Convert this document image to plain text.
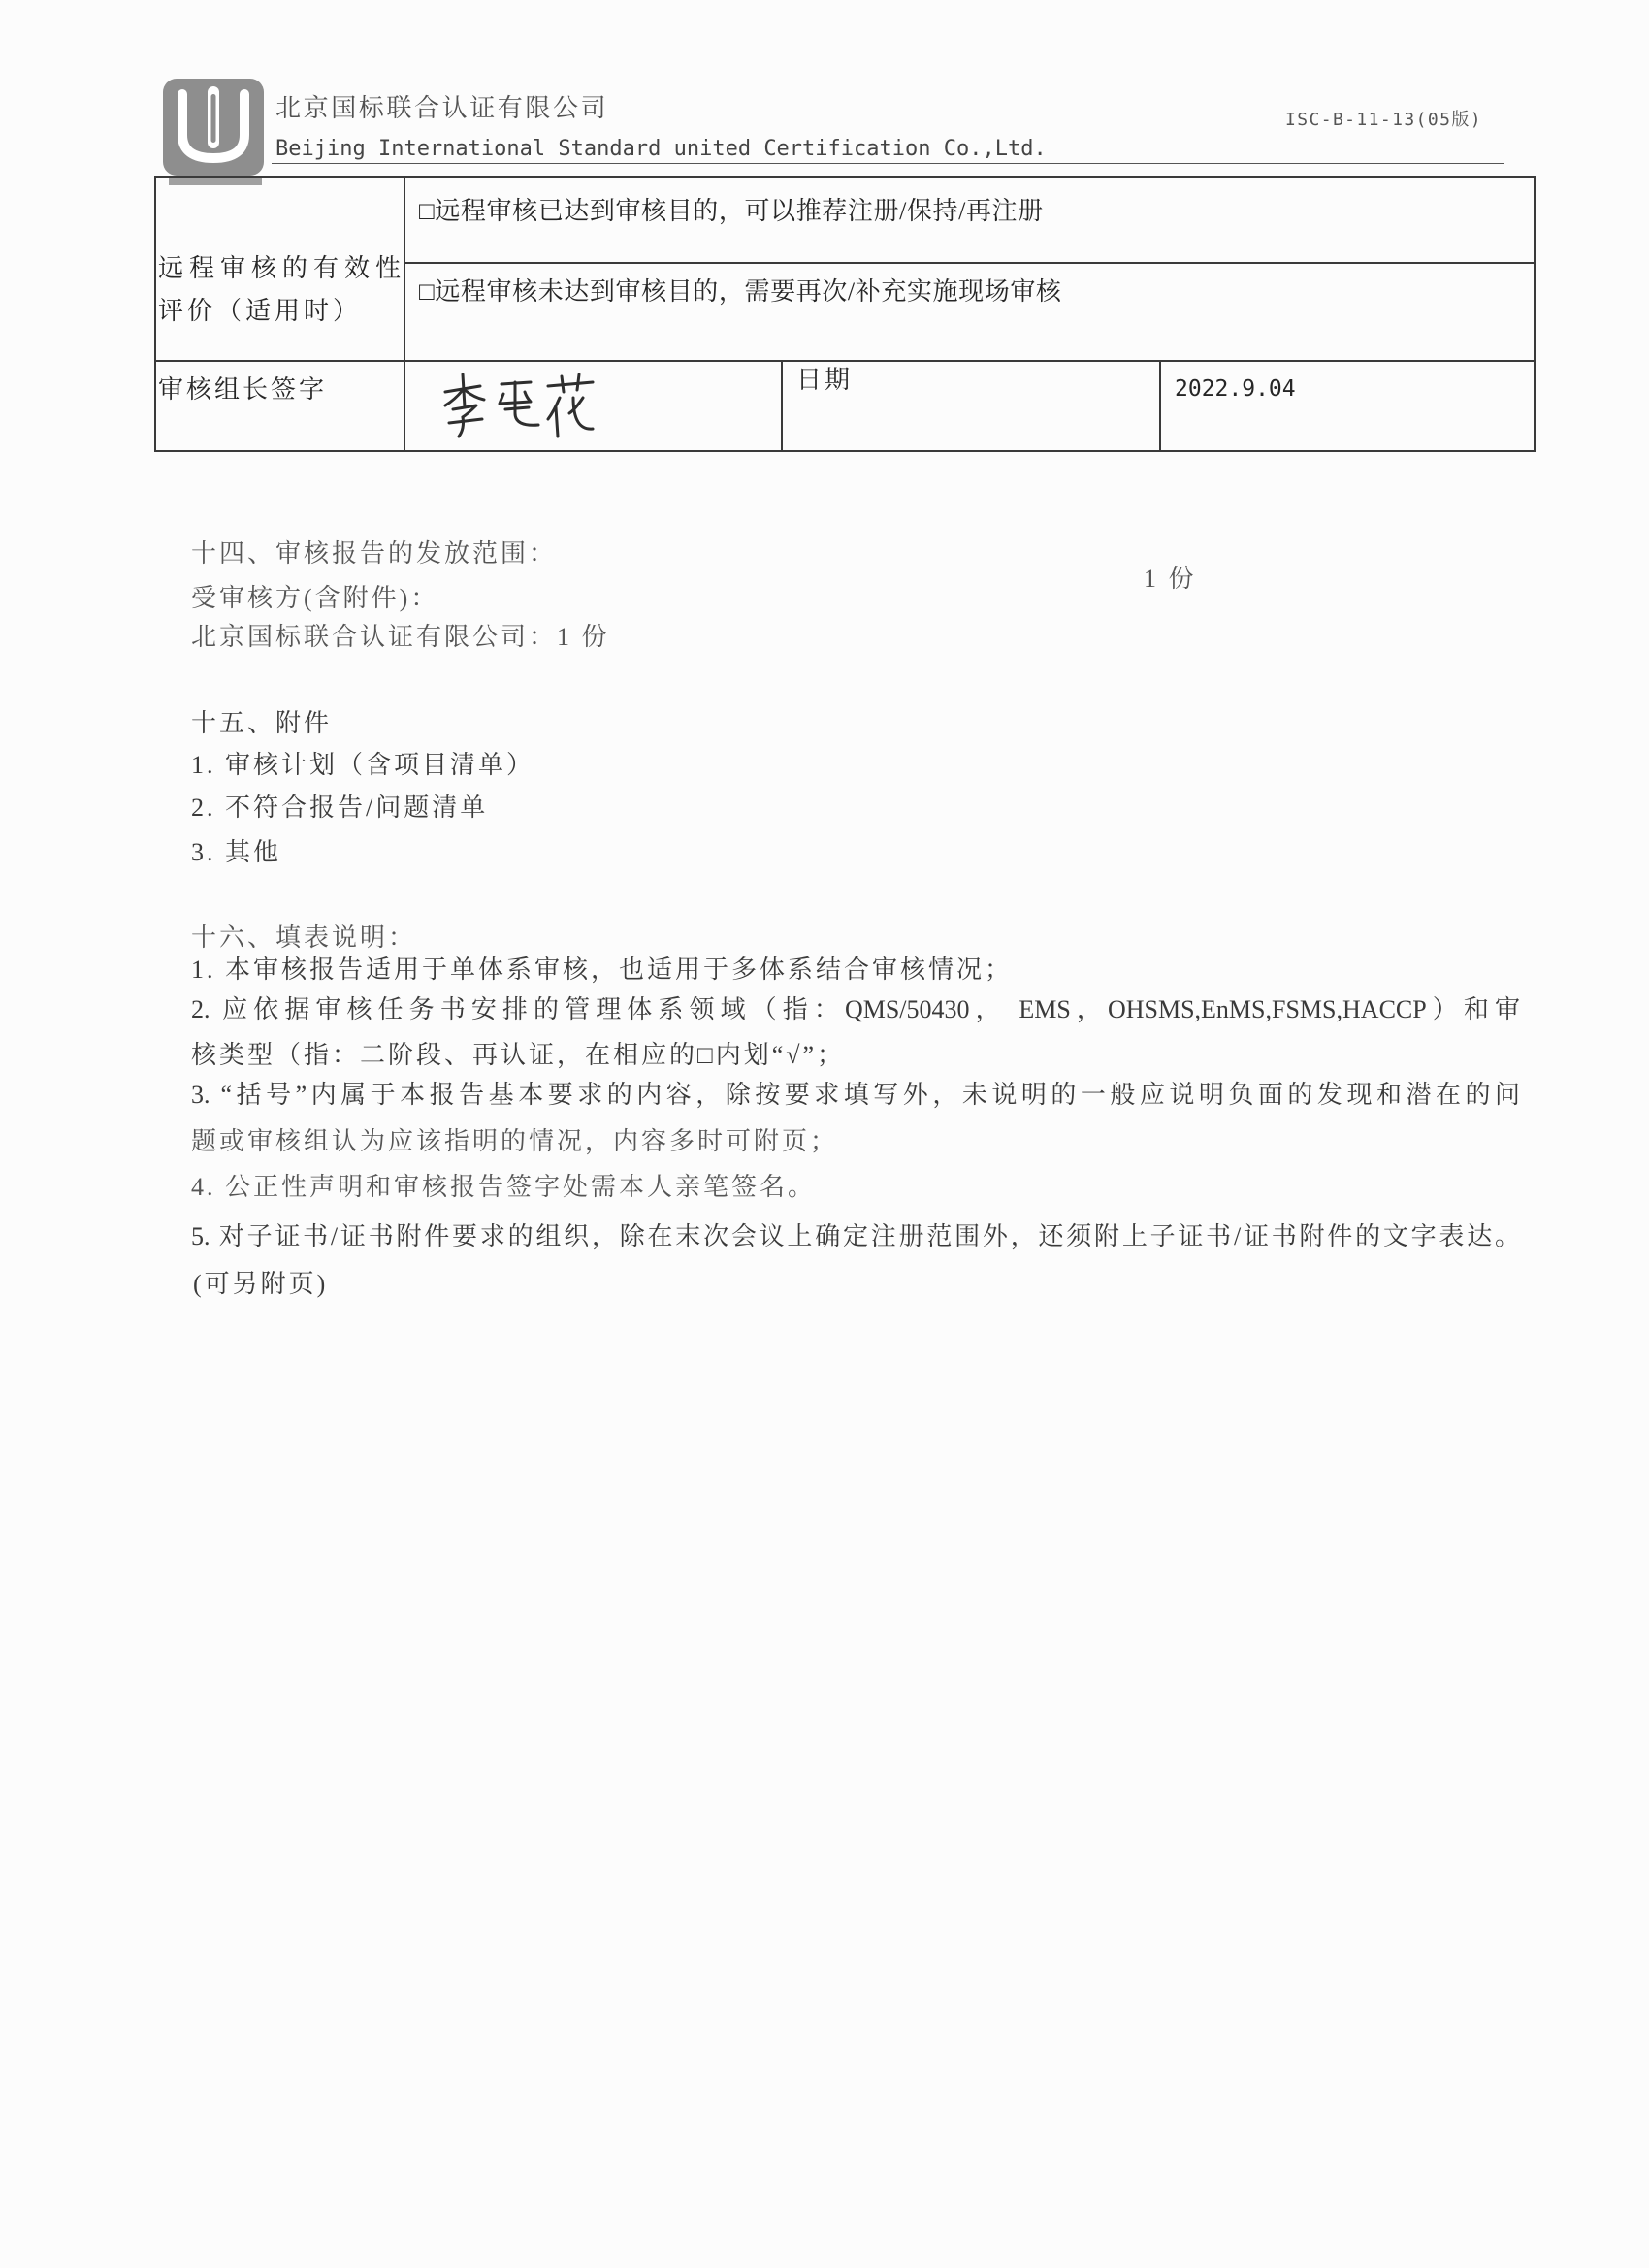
北京国标联合认证有限公司
Beijing International Standard united Certification Co.,Ltd.
ISC-B-11-13(05版)
远程审核的有效性
评价（适用时）
□远程审核已达到审核目的，可以推荐注册/保持/再注册
□远程审核未达到审核目的，需要再次/补充实施现场审核
审核组长签字	日期	2022.9.04
十四、审核报告的发放范围：
受审核方(含附件)：
1 份
北京国标联合认证有限公司：1 份
十五、附件
1. 审核计划（含项目清单）
2. 不符合报告/问题清单
3. 其他
十六、填表说明：
1. 本审核报告适用于单体系审核，也适用于多体系结合审核情况；
2. 应依据审核任务书安排的管理体系领域（指：QMS/50430， EMS，OHSMS,EnMS,FSMS,HACCP）和审
核类型（指：二阶段、再认证，在相应的□内划“√”；
3. “括号”内属于本报告基本要求的内容，除按要求填写外，未说明的一般应说明负面的发现和潜在的问
题或审核组认为应该指明的情况，内容多时可附页；
4. 公正性声明和审核报告签字处需本人亲笔签名。
5. 对子证书/证书附件要求的组织，除在末次会议上确定注册范围外，还须附上子证书/证书附件的文字表达。
(可另附页)
